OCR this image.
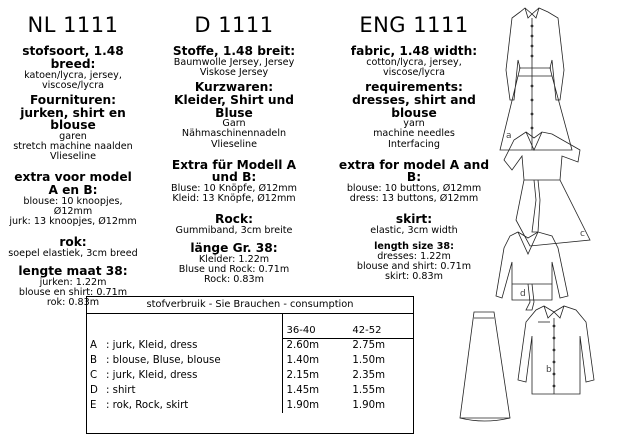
NL 1111
stofsoort, 1.48 breed:
katoen/lycra, jersey,
viscose/lycra
Fournituren:
jurken, shirt en blouse
garen
stretch machine naalden
Vlieseline
extra voor model A en B:
blouse: 10 knoopjes, Ø12mm
jurk: 13 knoopjes, Ø12mm
rok:
soepel elastiek, 3cm breed
lengte maat 38:
jurken: 1.22m
blouse en shirt: 0.71m
rok: 0.83m
D 1111
Stoffe, 1.48 breit:
Baumwolle Jersey, Jersey
Viskose Jersey
Kurzwaren:
Kleider, Shirt und Bluse
Garn
Nähmaschinennadeln
Vlieseline
Extra für Modell A und B:
Bluse: 10 Knöpfe, Ø12mm
Kleid: 13 Knöpfe, Ø12mm
Rock:
Gummiband, 3cm breite
länge Gr. 38:
Kleider: 1.22m
Bluse und Rock: 0.71m
Rock: 0.83m
ENG 1111
fabric, 1.48 width:
cotton/lycra, jersey,
viscose/lycra
requirements:
dresses, shirt and blouse
yarn
machine needles
Interfacing
extra for model A and B:
blouse: 10 buttons, Ø12mm
dress: 13 buttons, Ø12mm
skirt:
elastic, 3cm width
length size 38:
dresses: 1.22m
blouse and shirt: 0.71m
skirt: 0.83m
stofverbruik - Sie Brauchen - consumption			

		36-40	42-52
A	: jurk, Kleid, dress	2.60m	2.75m
B	: blouse, Bluse, blouse	1.40m	1.50m
C	: jurk, Kleid, dress	2.15m	2.35m
D	: shirt	1.45m	1.55m
E	: rok, Rock, skirt	1.90m	1.90m
a
c
d
b
